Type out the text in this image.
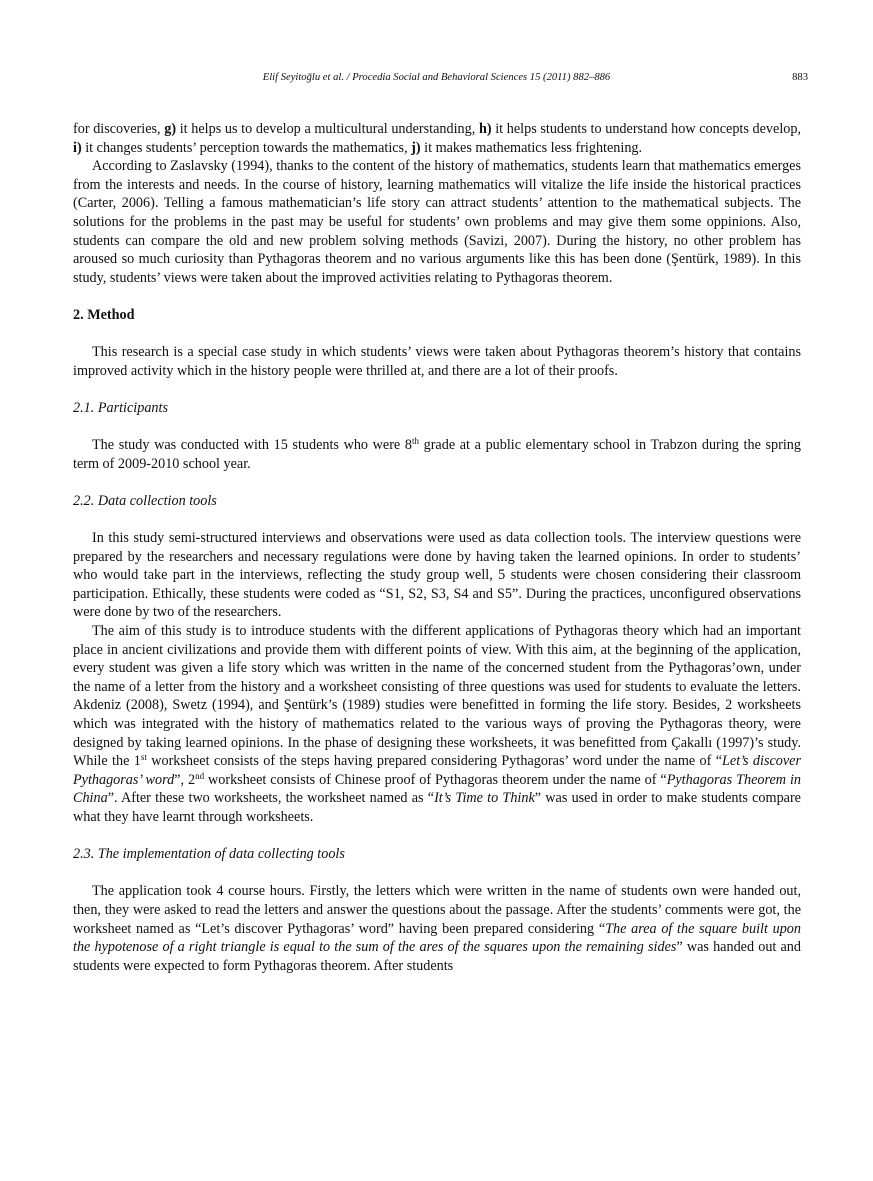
Elif Seyitoğlu et al. / Procedia Social and Behavioral Sciences 15 (2011) 882–886	883

for discoveries, g) it helps us to develop a multicultural understanding, h) it helps students to understand how concepts develop, i) it changes students’ perception towards the mathematics, j) it makes mathematics less frightening.

According to Zaslavsky (1994), thanks to the content of the history of mathematics, students learn that mathematics emerges from the interests and needs. In the course of history, learning mathematics will vitalize the life inside the historical practices (Carter, 2006). Telling a famous mathematician’s life story can attract students’ attention to the mathematical subjects. The solutions for the problems in the past may be useful for students’ own problems and may give them some oppinions. Also, students can compare the old and new problem solving methods (Savizi, 2007). During the history, no other problem has aroused so much curiosity than Pythagoras theorem and no various arguments like this has been done (Şentürk, 1989). In this study, students’ views were taken about the improved activities relating to Pythagoras theorem.

2. Method

This research is a special case study in which students’ views were taken about Pythagoras theorem’s history that contains improved activity which in the history people were thrilled at, and there are a lot of their proofs.

2.1. Participants

The study was conducted with 15 students who were 8th grade at a public elementary school in Trabzon during the spring term of 2009-2010 school year.

2.2. Data collection tools

In this study semi-structured interviews and observations were used as data collection tools. The interview questions were prepared by the researchers and necessary regulations were done by having taken the learned opinions. In order to students’ who would take part in the interviews, reflecting the study group well, 5 students were chosen considering their classroom participation. Ethically, these students were coded as “S1, S2, S3, S4 and S5”. During the practices, unconfigured observations were done by two of the researchers.

The aim of this study is to introduce students with the different applications of Pythagoras theory which had an important place in ancient civilizations and provide them with different points of view. With this aim, at the beginning of the application, every student was given a life story which was written in the name of the concerned student from the Pythagoras’own, under the name of a letter from the history and a worksheet consisting of three questions was used for students to evaluate the letters. Akdeniz (2008), Swetz (1994), and Şentürk’s (1989) studies were benefitted in forming the life story. Besides, 2 worksheets which was integrated with the history of mathematics related to the various ways of proving the Pythagoras theory, were designed by taking learned opinions. In the phase of designing these worksheets, it was benefitted from Çakallı (1997)’s study. While the 1st worksheet consists of the steps having prepared considering Pythagoras’ word under the name of “Let’s discover Pythagoras’ word”, 2nd worksheet consists of Chinese proof of Pythagoras theorem under the name of “Pythagoras Theorem in China”. After these two worksheets, the worksheet named as “It’s Time to Think” was used in order to make students compare what they have learnt through worksheets.

2.3. The implementation of data collecting tools

The application took 4 course hours. Firstly, the letters which were written in the name of students own were handed out, then, they were asked to read the letters and answer the questions about the passage. After the students’ comments were got, the worksheet named as “Let’s discover Pythagoras’ word” having been prepared considering “The area of the square built upon the hypotenose of a right triangle is equal to the sum of the ares of the squares upon the remaining sides” was handed out and students were expected to form Pythagoras theorem. After students
